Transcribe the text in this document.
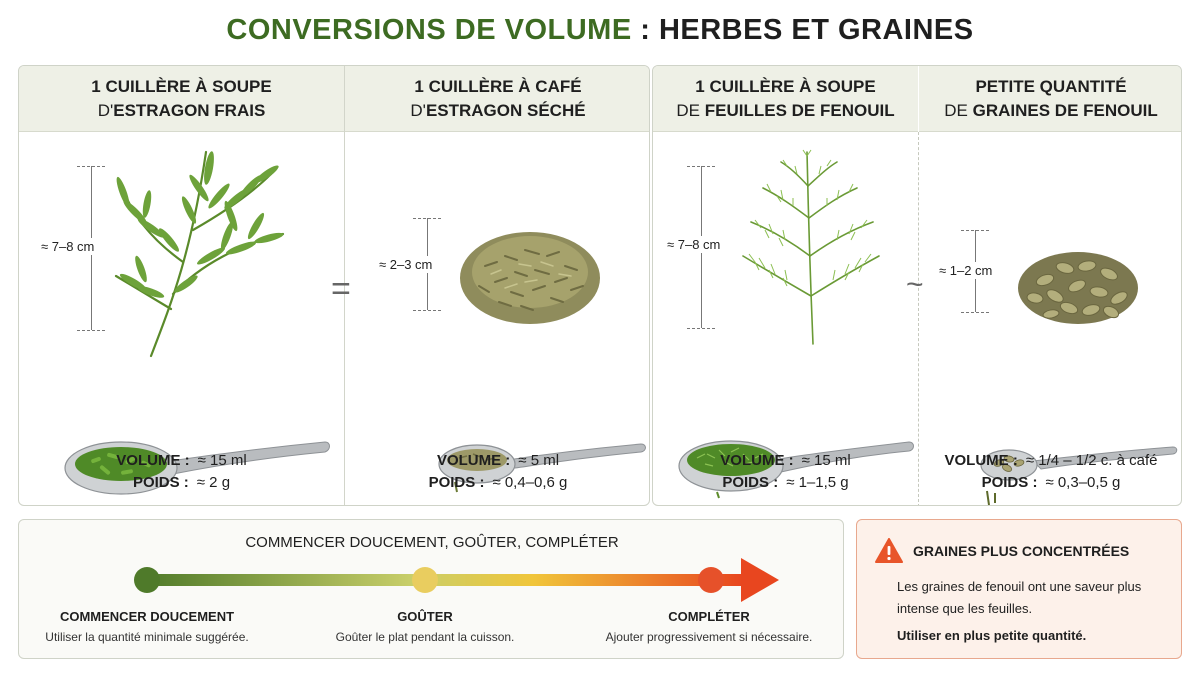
CONVERSIONS DE VOLUME : HERBES ET GRAINES
1 CUILLÈRE À SOUPE
D'ESTRAGON FRAIS
≈ 7–8 cm
VOLUME : ≈ 15 ml
POIDS : ≈ 2 g
=
1 CUILLÈRE À CAFÉ
D'ESTRAGON SÉCHÉ
≈ 2–3 cm
VOLUME : ≈ 5 ml
POIDS : ≈ 0,4–0,6 g
1 CUILLÈRE À SOUPE
DE FEUILLES DE FENOUIL
≈ 7–8 cm
VOLUME : ≈ 15 ml
POIDS : ≈ 1–1,5 g
~
PETITE QUANTITÉ
DE GRAINES DE FENOUIL
≈ 1–2 cm
VOLUME : ≈ 1/4 – 1/2 c. à café
POIDS : ≈ 0,3–0,5 g
COMMENCER DOUCEMENT, GOÛTER, COMPLÉTER
COMMENCER DOUCEMENT
Utiliser la quantité minimale suggérée.
GOÛTER
Goûter le plat pendant la cuisson.
COMPLÉTER
Ajouter progressivement si nécessaire.
GRAINES PLUS CONCENTRÉES
Les graines de fenouil ont une saveur plus intense que les feuilles.
Utiliser en plus petite quantité.
